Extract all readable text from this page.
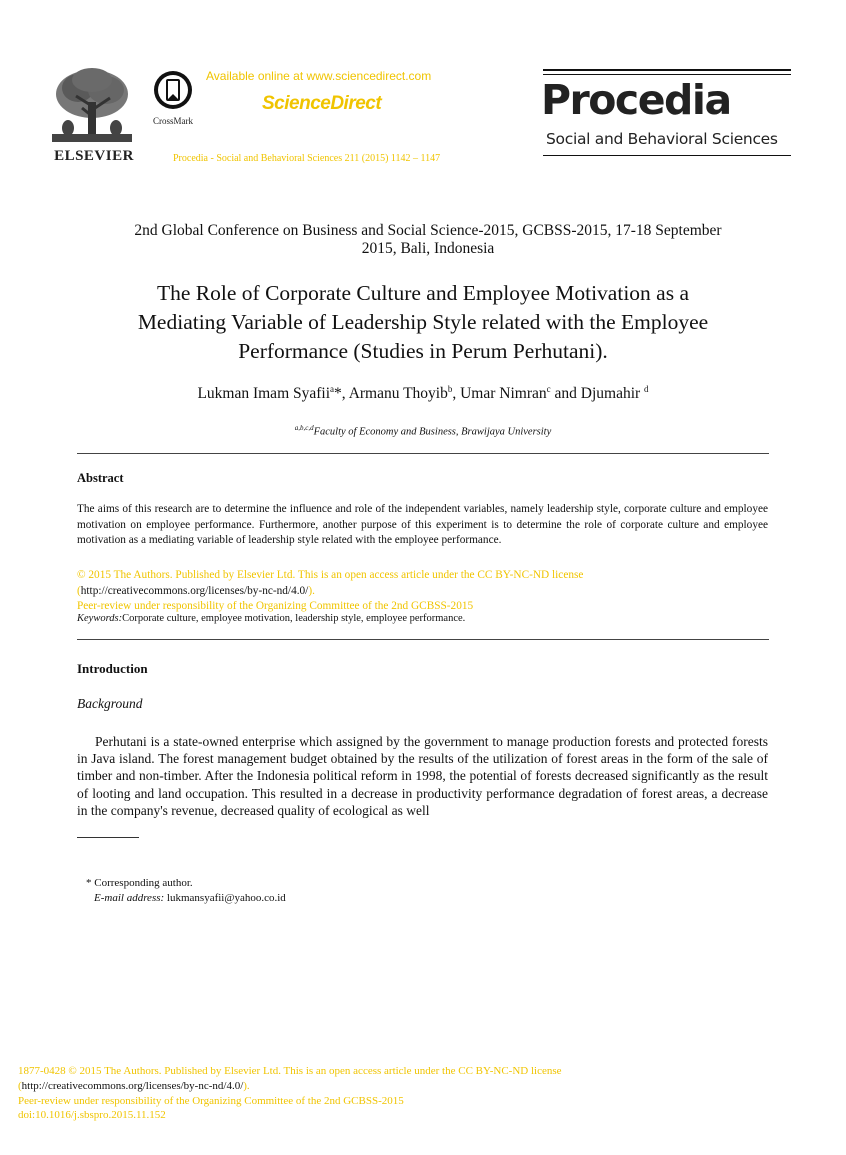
ELSEVIER
CrossMark
Available online at www.sciencedirect.com
ScienceDirect
Procedia - Social and Behavioral Sciences 211 (2015) 1142 – 1147
Procedia
Social and Behavioral Sciences
2nd Global Conference on Business and Social Science-2015, GCBSS-2015, 17-18 September
2015, Bali, Indonesia
The Role of Corporate Culture and Employee Motivation as a
Mediating Variable of Leadership Style related with the Employee
Performance (Studies in Perum Perhutani).
Lukman Imam Syafii$^a$*, Armanu Thoyib$^b$, Umar Nimran$^c$ and Djumahir $^d$
$^{a,b,c,d}$Faculty of Economy and Business, Brawijaya University
Abstract
The aims of this research are to determine the influence and role of the independent variables, namely leadership style, corporate culture and employee motivation on employee performance. Furthermore, another purpose of this experiment is to determine the role of corporate culture and employee motivation as a mediating variable of leadership style related with the employee performance.
© 2015 The Authors. Published by Elsevier Ltd. This is an open access article under the CC BY-NC-ND license
(http://creativecommons.org/licenses/by-nc-nd/4.0/).
Peer-review under responsibility of the Organizing Committee of the 2nd GCBSS-2015
Keywords:Corporate culture, employee motivation, leadership style, employee performance.
Introduction
Background
Perhutani is a state-owned enterprise which assigned by the government to manage production forests and protected forests in Java island. The forest management budget obtained by the results of the utilization of forest areas in the form of the sale of timber and non-timber. After the Indonesia political reform in 1998, the potential of forests decreased significantly as the result of looting and land occupation. This resulted in a decrease in productivity performance degradation of forest areas, a decrease in the company's revenue, decreased quality of ecological as well
* Corresponding author.
E-mail address: lukmansyafii@yahoo.co.id
1877-0428 © 2015 The Authors. Published by Elsevier Ltd. This is an open access article under the CC BY-NC-ND license
(http://creativecommons.org/licenses/by-nc-nd/4.0/).
Peer-review under responsibility of the Organizing Committee of the 2nd GCBSS-2015
doi:10.1016/j.sbspro.2015.11.152
